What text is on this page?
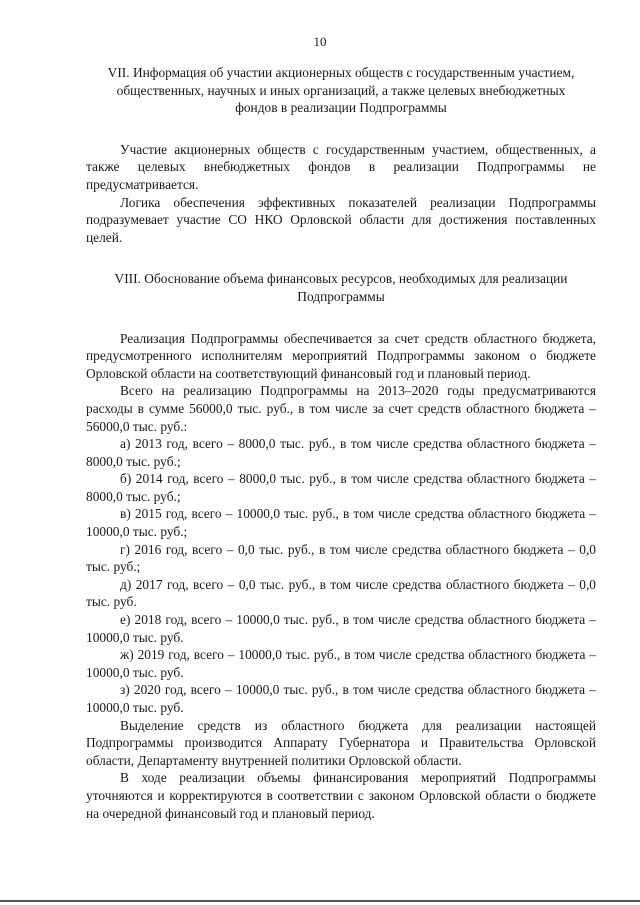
10

VII. Информация об участии акционерных обществ с государственным участием, общественных, научных и иных организаций, а также целевых внебюджетных фондов в реализации Подпрограммы

Участие акционерных обществ с государственным участием, общественных, а также целевых внебюджетных фондов в реализации Подпрограммы не предусматривается.

Логика обеспечения эффективных показателей реализации Подпрограммы подразумевает участие СО НКО Орловской области для достижения поставленных целей.

VIII. Обоснование объема финансовых ресурсов, необходимых для реализации Подпрограммы

Реализация Подпрограммы обеспечивается за счет средств областного бюджета, предусмотренного исполнителям мероприятий Подпрограммы законом о бюджете Орловской области на соответствующий финансовый год и плановый период.

Всего на реализацию Подпрограммы на 2013–2020 годы предусматриваются расходы в сумме 56000,0 тыс. руб., в том числе за счет средств областного бюджета – 56000,0 тыс. руб.:

а) 2013 год, всего – 8000,0 тыс. руб., в том числе средства областного бюджета – 8000,0 тыс. руб.;

б) 2014 год, всего – 8000,0 тыс. руб., в том числе средства областного бюджета – 8000,0 тыс. руб.;

в) 2015 год, всего – 10000,0 тыс. руб., в том числе средства областного бюджета – 10000,0 тыс. руб.;

г) 2016 год, всего – 0,0 тыс. руб., в том числе средства областного бюджета – 0,0 тыс. руб.;

д) 2017 год, всего – 0,0 тыс. руб., в том числе средства областного бюджета – 0,0 тыс. руб.

е) 2018 год, всего – 10000,0 тыс. руб., в том числе средства областного бюджета – 10000,0 тыс. руб.

ж) 2019 год, всего – 10000,0 тыс. руб., в том числе средства областного бюджета – 10000,0 тыс. руб.

з) 2020 год, всего – 10000,0 тыс. руб., в том числе средства областного бюджета – 10000,0 тыс. руб.

Выделение средств из областного бюджета для реализации настоящей Подпрограммы производится Аппарату Губернатора и Правительства Орловской области, Департаменту внутренней политики Орловской области.

В ходе реализации объемы финансирования мероприятий Подпрограммы уточняются и корректируются в соответствии с законом Орловской области о бюджете на очередной финансовый год и плановый период.
